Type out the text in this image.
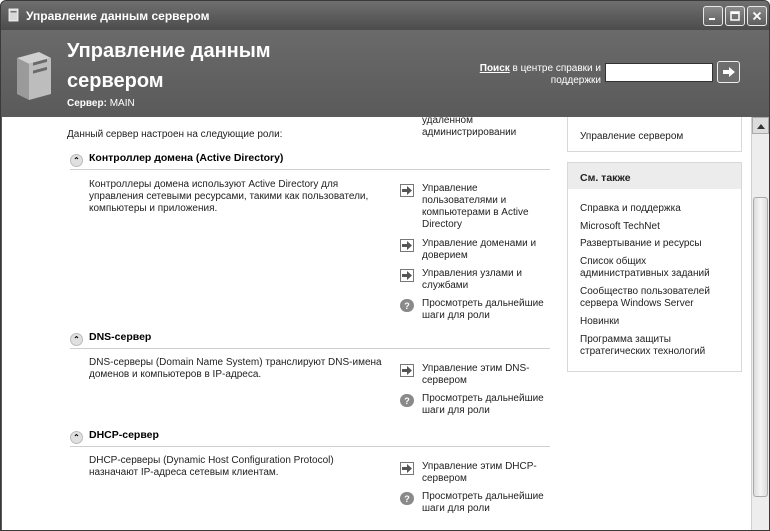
Управление данным сервером
Управление данным
сервером
Сервер: MAIN
Поиск в центре справки и
поддержки
удаленном
администрировании
Данный сервер настроен на следующие роли:
⌃ Контроллер домена (Active Directory)
Контроллеры домена используют Active Directory для
управления сетевыми ресурсами, такими как пользователи,
компьютеры и приложения.
Управление
пользователями и
компьютерами в Active
Directory
Управление доменами и
доверием
Управления узлами и
службами
?	Просмотреть дальнейшие
шаги для роли
⌃ DNS-сервер
DNS-серверы (Domain Name System) транслируют DNS-имена
доменов и компьютеров в IP-адреса.
Управление этим DNS-
сервером
?	Просмотреть дальнейшие
шаги для роли
⌃ DHCP-сервер
DHCP-серверы (Dynamic Host Configuration Protocol)
назначают IP-адреса сетевым клиентам.
Управление этим DHCP-
сервером
?	Просмотреть дальнейшие
шаги для роли
Управление сервером
См. также
Справка и поддержка
Microsoft TechNet
Развертывание и ресурсы
Список общих
административных заданий
Сообщество пользователей
сервера Windows Server
Новинки
Программа защиты
стратегических технологий
